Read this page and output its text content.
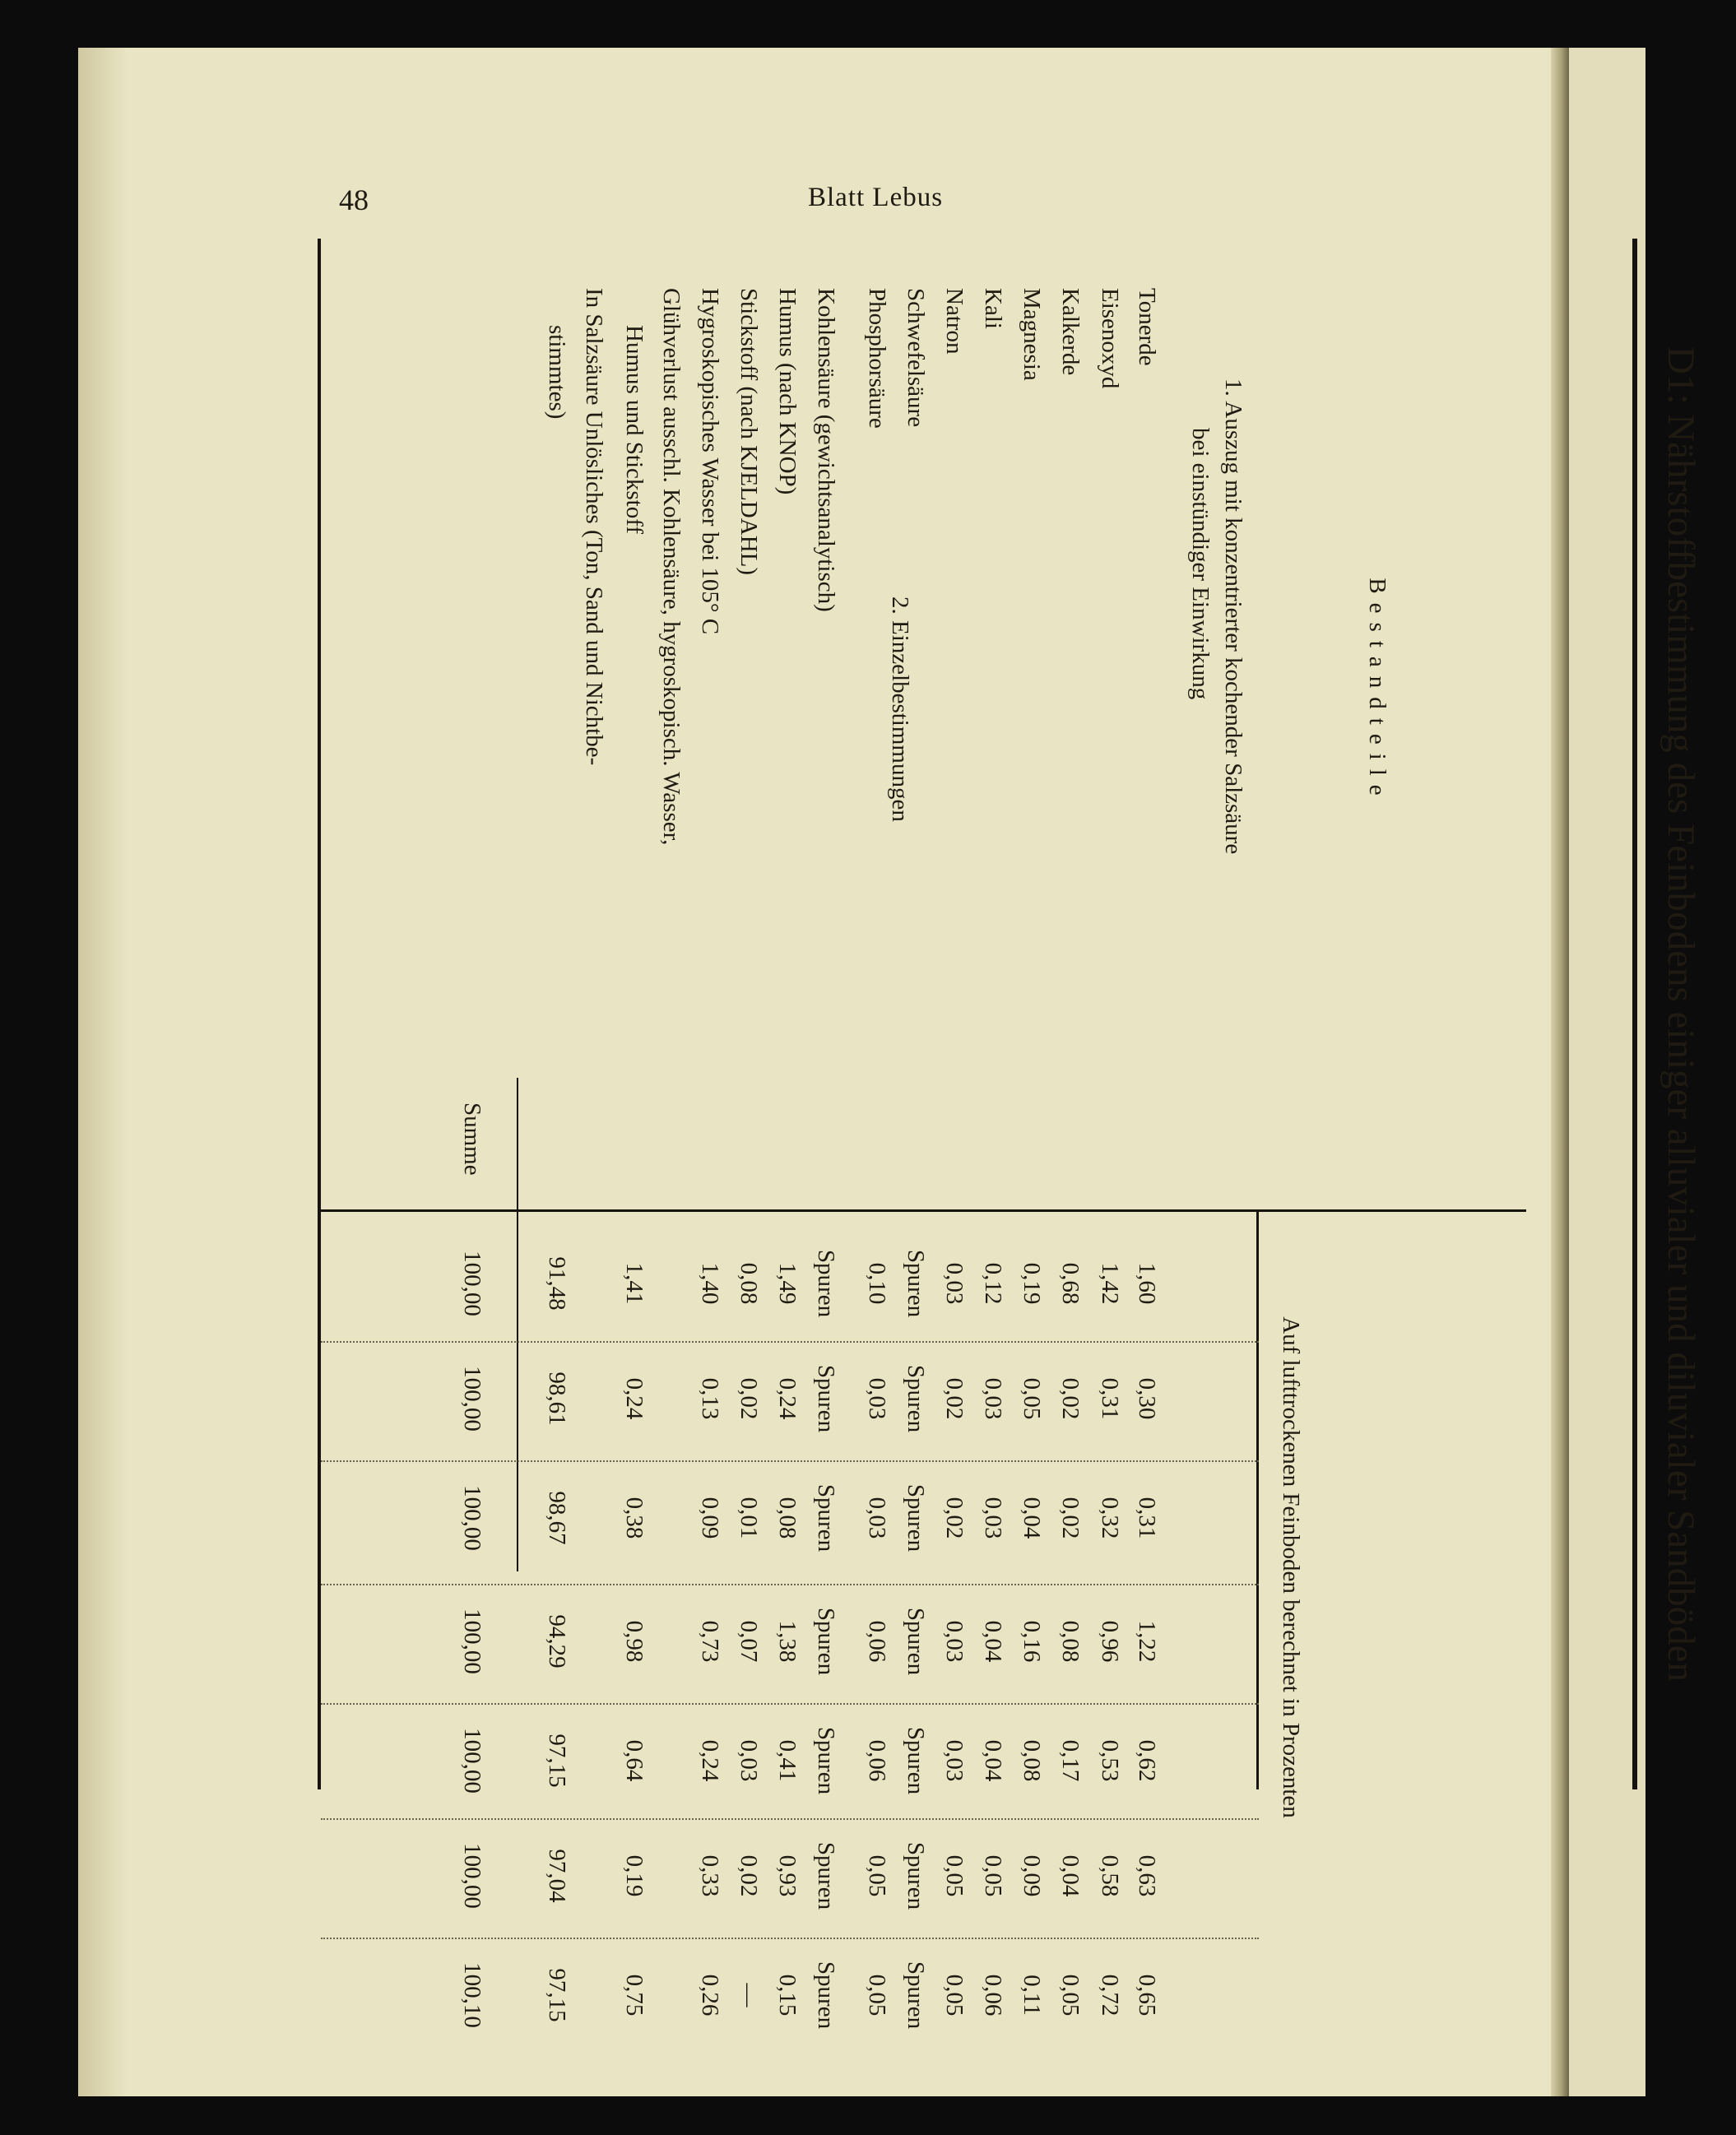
48	Blatt Lebus
D1: Nährstoffbestimmung des Feinbodens einiger alluvialer und diluvialer Sandböden
Bestandteile
Auf lufttrockenen Feinboden berechnet in Prozenten
1. Auszug mit konzentrierter kochender Salzsäure
bei einstündiger Einwirkung
2. Einzelbestimmungen
Tonerde
1,60
0,30
0,31
1,22
0,62
0,63
0,65
Eisenoxyd
1,42
0,31
0,32
0,96
0,53
0,58
0,72
Kalkerde
0,68
0,02
0,02
0,08
0,17
0,04
0,05
Magnesia
0,19
0,05
0,04
0,16
0,08
0,09
0,11
Kali
0,12
0,03
0,03
0,04
0,04
0,05
0,06
Natron
0,03
0,02
0,02
0,03
0,03
0,05
0,05
Schwefelsäure
Spuren
Spuren
Spuren
Spuren
Spuren
Spuren
Spuren
Phosphorsäure
0,10
0,03
0,03
0,06
0,06
0,05
0,05
Kohlensäure (gewichtsanalytisch)
Spuren
Spuren
Spuren
Spuren
Spuren
Spuren
Spuren
Humus (nach KNOP)
1,49
0,24
0,08
1,38
0,41
0,93
0,15
Stickstoff (nach KJELDAHL)
0,08
0,02
0,01
0,07
0,03
0,02
—
Hygroskopisches Wasser bei 105° C
1,40
0,13
0,09
0,73
0,24
0,33
0,26
Glühverlust ausschl. Kohlensäure, hygroskopisch. Wasser,
Humus und Stickstoff
1,41
0,24
0,38
0,98
0,64
0,19
0,75
In Salzsäure Unlösliches (Ton, Sand und Nichtbe-
stimmtes)
91,48
98,61
98,67
94,29
97,15
97,04
97,15
100,00
100,00
100,00
100,00
100,00
100,00
100,10
Summe
